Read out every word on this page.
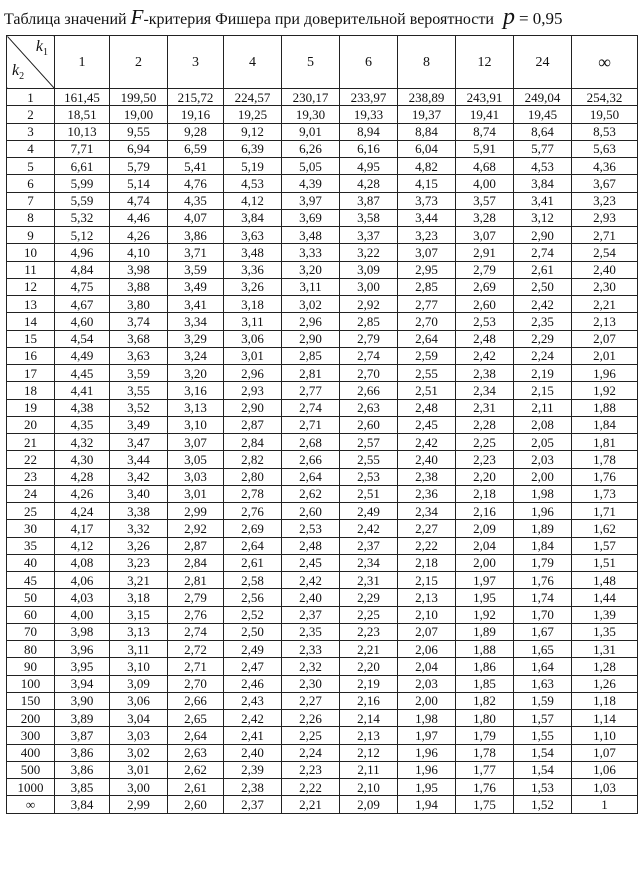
Таблица значений F-критерия Фишера при доверительной вероятности p = 0,95
$k_1$
$k_2$	1	2	3	4	5	6	8	12	24	∞
1	161,45	199,50	215,72	224,57	230,17	233,97	238,89	243,91	249,04	254,32
2	18,51	19,00	19,16	19,25	19,30	19,33	19,37	19,41	19,45	19,50
3	10,13	9,55	9,28	9,12	9,01	8,94	8,84	8,74	8,64	8,53
4	7,71	6,94	6,59	6,39	6,26	6,16	6,04	5,91	5,77	5,63
5	6,61	5,79	5,41	5,19	5,05	4,95	4,82	4,68	4,53	4,36
6	5,99	5,14	4,76	4,53	4,39	4,28	4,15	4,00	3,84	3,67
7	5,59	4,74	4,35	4,12	3,97	3,87	3,73	3,57	3,41	3,23
8	5,32	4,46	4,07	3,84	3,69	3,58	3,44	3,28	3,12	2,93
9	5,12	4,26	3,86	3,63	3,48	3,37	3,23	3,07	2,90	2,71
10	4,96	4,10	3,71	3,48	3,33	3,22	3,07	2,91	2,74	2,54
11	4,84	3,98	3,59	3,36	3,20	3,09	2,95	2,79	2,61	2,40
12	4,75	3,88	3,49	3,26	3,11	3,00	2,85	2,69	2,50	2,30
13	4,67	3,80	3,41	3,18	3,02	2,92	2,77	2,60	2,42	2,21
14	4,60	3,74	3,34	3,11	2,96	2,85	2,70	2,53	2,35	2,13
15	4,54	3,68	3,29	3,06	2,90	2,79	2,64	2,48	2,29	2,07
16	4,49	3,63	3,24	3,01	2,85	2,74	2,59	2,42	2,24	2,01
17	4,45	3,59	3,20	2,96	2,81	2,70	2,55	2,38	2,19	1,96
18	4,41	3,55	3,16	2,93	2,77	2,66	2,51	2,34	2,15	1,92
19	4,38	3,52	3,13	2,90	2,74	2,63	2,48	2,31	2,11	1,88
20	4,35	3,49	3,10	2,87	2,71	2,60	2,45	2,28	2,08	1,84
21	4,32	3,47	3,07	2,84	2,68	2,57	2,42	2,25	2,05	1,81
22	4,30	3,44	3,05	2,82	2,66	2,55	2,40	2,23	2,03	1,78
23	4,28	3,42	3,03	2,80	2,64	2,53	2,38	2,20	2,00	1,76
24	4,26	3,40	3,01	2,78	2,62	2,51	2,36	2,18	1,98	1,73
25	4,24	3,38	2,99	2,76	2,60	2,49	2,34	2,16	1,96	1,71
30	4,17	3,32	2,92	2,69	2,53	2,42	2,27	2,09	1,89	1,62
35	4,12	3,26	2,87	2,64	2,48	2,37	2,22	2,04	1,84	1,57
40	4,08	3,23	2,84	2,61	2,45	2,34	2,18	2,00	1,79	1,51
45	4,06	3,21	2,81	2,58	2,42	2,31	2,15	1,97	1,76	1,48
50	4,03	3,18	2,79	2,56	2,40	2,29	2,13	1,95	1,74	1,44
60	4,00	3,15	2,76	2,52	2,37	2,25	2,10	1,92	1,70	1,39
70	3,98	3,13	2,74	2,50	2,35	2,23	2,07	1,89	1,67	1,35
80	3,96	3,11	2,72	2,49	2,33	2,21	2,06	1,88	1,65	1,31
90	3,95	3,10	2,71	2,47	2,32	2,20	2,04	1,86	1,64	1,28
100	3,94	3,09	2,70	2,46	2,30	2,19	2,03	1,85	1,63	1,26
150	3,90	3,06	2,66	2,43	2,27	2,16	2,00	1,82	1,59	1,18
200	3,89	3,04	2,65	2,42	2,26	2,14	1,98	1,80	1,57	1,14
300	3,87	3,03	2,64	2,41	2,25	2,13	1,97	1,79	1,55	1,10
400	3,86	3,02	2,63	2,40	2,24	2,12	1,96	1,78	1,54	1,07
500	3,86	3,01	2,62	2,39	2,23	2,11	1,96	1,77	1,54	1,06
1000	3,85	3,00	2,61	2,38	2,22	2,10	1,95	1,76	1,53	1,03
∞	3,84	2,99	2,60	2,37	2,21	2,09	1,94	1,75	1,52	1
